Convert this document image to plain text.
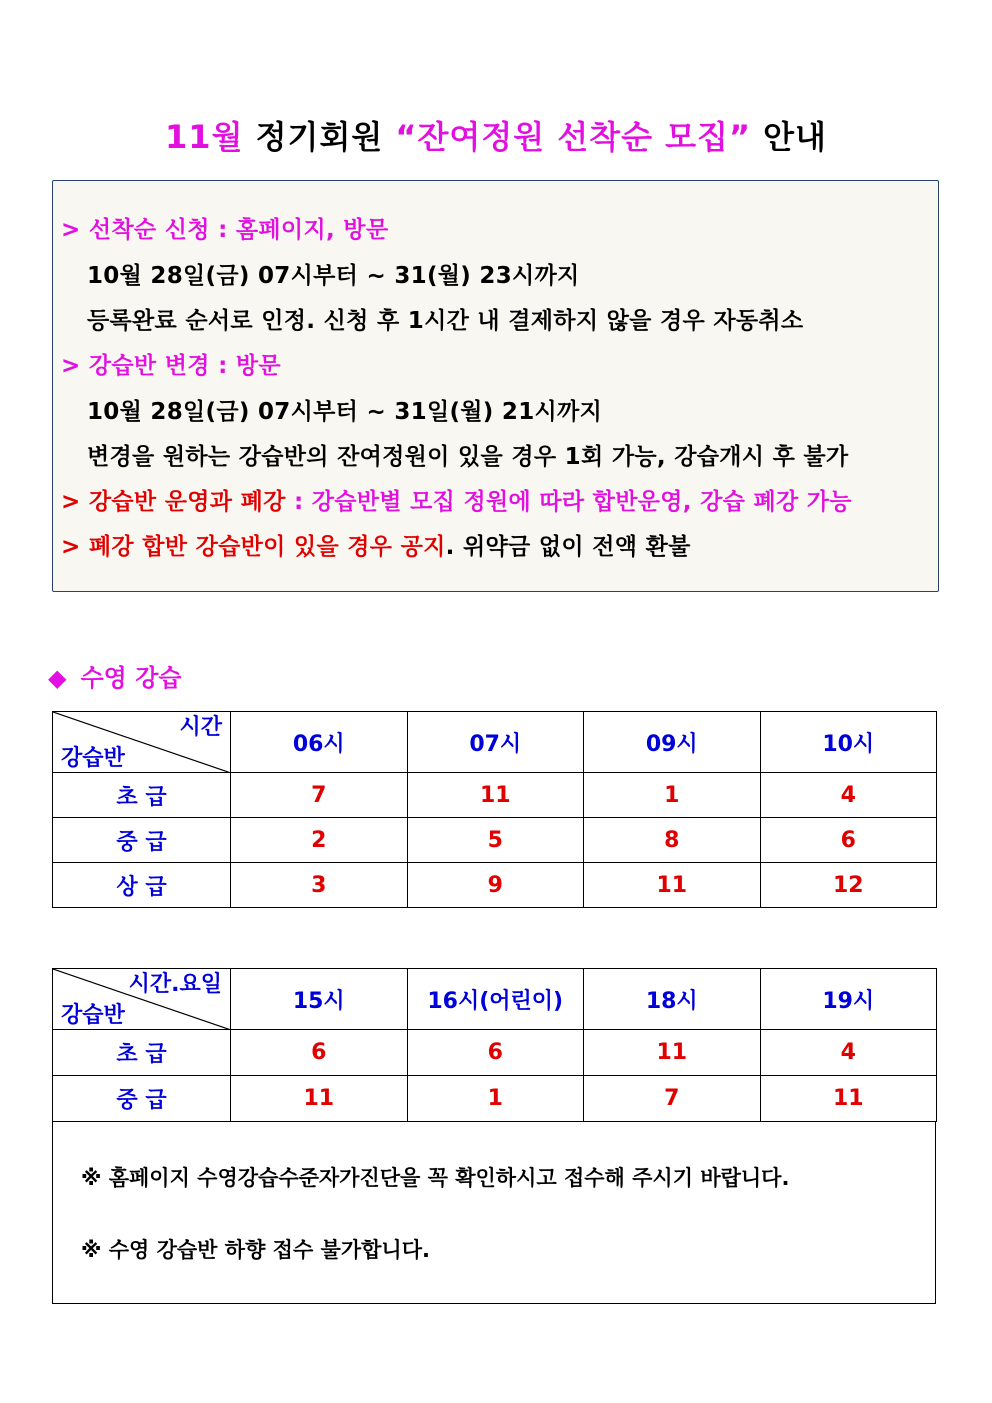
11월 정기회원 “잔여정원 선착순 모집” 안내
> 선착순 신청 : 홈페이지, 방문
10월 28일(금) 07시부터 ~ 31(월) 23시까지
등록완료 순서로 인정. 신청 후 1시간 내 결제하지 않을 경우 자동취소
> 강습반 변경 : 방문
10월 28일(금) 07시부터 ~ 31일(월) 21시까지
변경을 원하는 강습반의 잔여정원이 있을 경우 1회 가능, 강습개시 후 불가
> 강습반 운영과 폐강 : 강습반별 모집 정원에 따라 합반운영, 강습 폐강 가능
> 폐강 합반 강습반이 있을 경우 공지. 위약금 없이 전액 환불
◆ 수영 강습
시간
강습반	06시	07시	09시	10시
초 급	7	11	1	4
중 급	2	5	8	6
상 급	3	9	11	12
시간.요일
강습반	15시	16시(어린이)	18시	19시
초 급	6	6	11	4
중 급	11	1	7	11
※ 홈페이지 수영강습수준자가진단을 꼭 확인하시고 접수해 주시기 바랍니다.
※ 수영 강습반 하향 접수 불가합니다.
